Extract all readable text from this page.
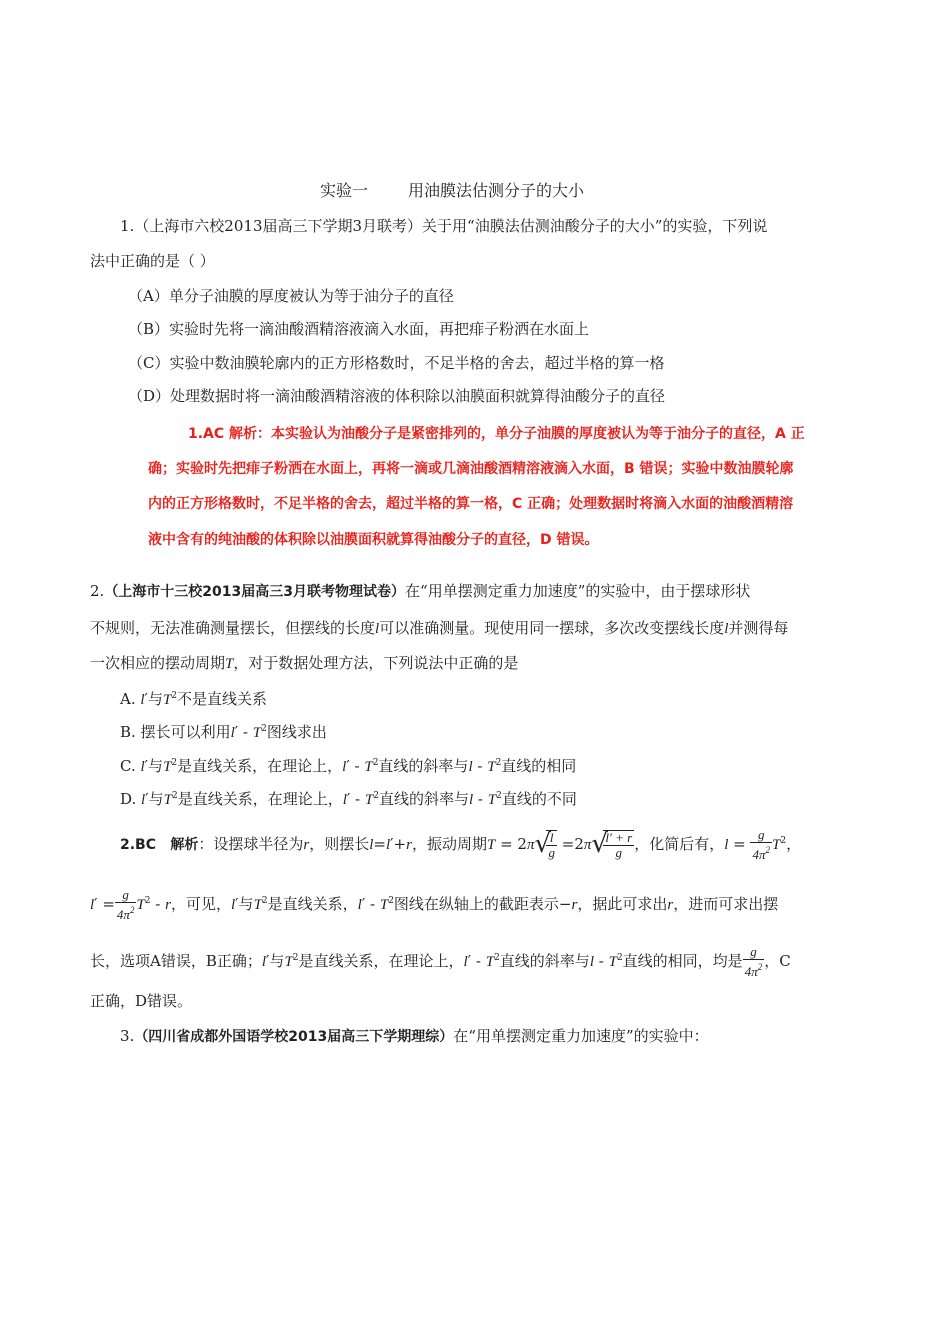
实验一	用油膜法估测分子的大小
1.（上海市六校2013届高三下学期3月联考）关于用“油膜法估测油酸分子的大小”的实验，下列说
法中正确的是（ ）
（A）单分子油膜的厚度被认为等于油分子的直径
（B）实验时先将一滴油酸酒精溶液滴入水面，再把痱子粉洒在水面上
（C）实验中数油膜轮廓内的正方形格数时，不足半格的舍去，超过半格的算一格
（D）处理数据时将一滴油酸酒精溶液的体积除以油膜面积就算得油酸分子的直径
1.AC 解析：本实验认为油酸分子是紧密排列的，单分子油膜的厚度被认为等于油分子的直径，A 正
确；实验时先把痱子粉洒在水面上，再将一滴或几滴油酸酒精溶液滴入水面，B 错误；实验中数油膜轮廓
内的正方形格数时，不足半格的舍去，超过半格的算一格，C 正确；处理数据时将滴入水面的油酸酒精溶
液中含有的纯油酸的体积除以油膜面积就算得油酸分子的直径，D 错误。
2.（上海市十三校2013届高三3月联考物理试卷）在“用单摆测定重力加速度”的实验中，由于摆球形状
不规则，无法准确测量摆长，但摆线的长度l可以准确测量。现使用同一摆球，多次改变摆线长度l并测得每
一次相应的摆动周期T，对于数据处理方法，下列说法中正确的是
A. l′与$T^2$不是直线关系
B. 摆长可以利用$l' - T^2$图线求出
C. l′与$T^2$是直线关系，在理论上，$l' - T^2$直线的斜率与l - $T^2$直线的相同
D. l′与$T^2$是直线关系，在理论上，$l' - T^2$直线的斜率与l - $T^2$直线的不同
2.BC 解析：设摆球半径为r，则摆长l=l′+r，振动周期T = 2π √ $\frac{l}{g} =2\pi$ √ $\frac{l' + r}{g}$ ，化简后有，$l = \frac{g}{4\pi^2} T^2$，
$l' = \frac{g}{4\pi^2} T^2 - r$，可见，l′与$T^2$是直线关系，$l' - T^2$图线在纵轴上的截距表示−r，据此可求出r，进而可求出摆
长，选项A错误，B正确；l′与$T^2$是直线关系，在理论上，$l' - T^2$直线的斜率与l - $T^2$直线的相同，均是 $\frac{g}{4\pi^2}$ ，C
正确，D错误。
3.（四川省成都外国语学校2013届高三下学期理综）在“用单摆测定重力加速度”的实验中：
